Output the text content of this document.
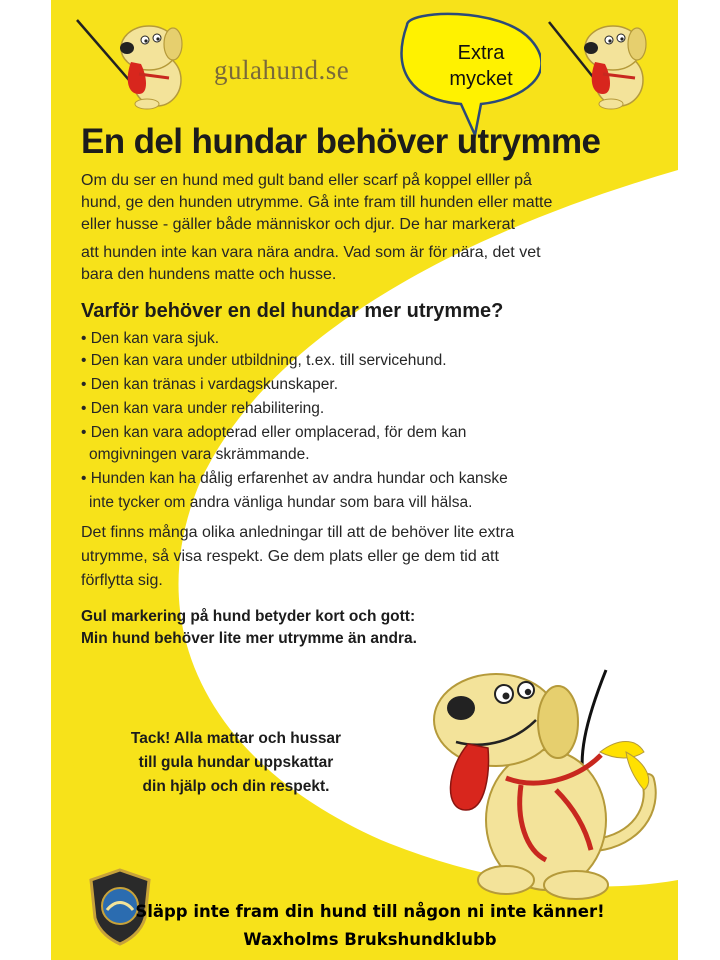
gulahund.se
Extra
mycket
En del hundar behöver utrymme
Om du ser en hund med gult band eller scarf på koppel elller på
hund, ge den hunden utrymme. Gå inte fram till hunden eller matte
eller husse - gäller både människor och djur. De har markerat
att hunden inte kan vara nära andra. Vad som är för nära, det vet
bara den hundens matte och husse.
Varför behöver en del hundar mer utrymme?
• Den kan vara sjuk.
• Den kan vara under utbildning, t.ex. till servicehund.
• Den kan tränas i vardagskunskaper.
• Den kan vara under rehabilitering.
• Den kan vara adopterad eller omplacerad, för dem kan
omgivningen vara skrämmande.
• Hunden kan ha dålig erfarenhet av andra hundar och kanske
inte tycker om andra vänliga hundar som bara vill hälsa.
Det finns många olika anledningar till att de behöver lite extra
utrymme, så visa respekt. Ge dem plats eller ge dem tid att
förflytta sig.
Gul markering på hund betyder kort och gott:
Min hund behöver lite mer utrymme än andra.
Tack! Alla mattar och hussar
till gula hundar uppskattar
din hjälp och din respekt.
Släpp inte fram din hund till någon ni inte känner!
Waxholms Brukshundklubb
